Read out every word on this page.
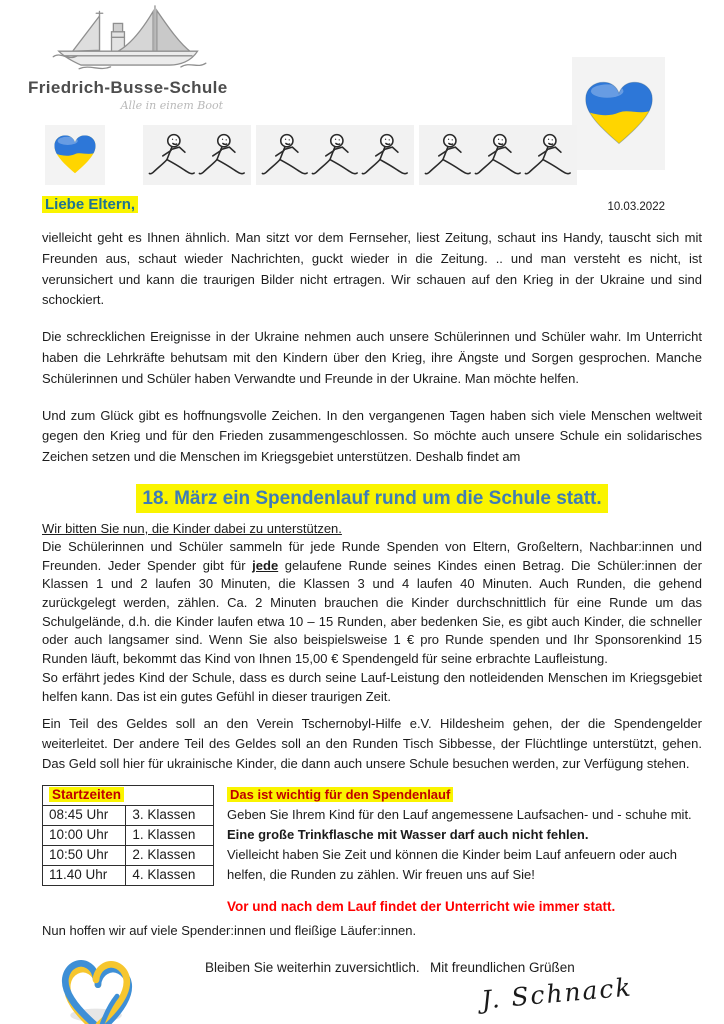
Friedrich-Busse-Schule
Alle in einem Boot
Liebe Eltern,	10.03.2022

vielleicht geht es Ihnen ähnlich. Man sitzt vor dem Fernseher, liest Zeitung, schaut ins Handy, tauscht sich mit Freunden aus, schaut wieder Nachrichten, guckt wieder in die Zeitung. .. und man versteht es nicht, ist verunsichert und kann die traurigen Bilder nicht ertragen. Wir schauen auf den Krieg in der Ukraine und sind schockiert.

Die schrecklichen Ereignisse in der Ukraine nehmen auch unsere Schülerinnen und Schüler wahr. Im Unterricht haben die Lehrkräfte behutsam mit den Kindern über den Krieg, ihre Ängste und Sorgen gesprochen. Manche Schülerinnen und Schüler haben Verwandte und Freunde in der Ukraine. Man möchte helfen.

Und zum Glück gibt es hoffnungsvolle Zeichen. In den vergangenen Tagen haben sich viele Menschen weltweit gegen den Krieg und für den Frieden zusammengeschlossen. So möchte auch unsere Schule ein solidarisches Zeichen setzen und die Menschen im Kriegsgebiet unterstützen. Deshalb findet am

18. März ein Spendenlauf rund um die Schule statt.

Wir bitten Sie nun, die Kinder dabei zu unterstützen.

Die Schülerinnen und Schüler sammeln für jede Runde Spenden von Eltern, Großeltern, Nachbar:innen und Freunden. Jeder Spender gibt für jede gelaufene Runde seines Kindes einen Betrag. Die Schüler:innen der Klassen 1 und 2 laufen 30 Minuten, die Klassen 3 und 4 laufen 40 Minuten. Auch Runden, die gehend zurückgelegt werden, zählen. Ca. 2 Minuten brauchen die Kinder durchschnittlich für eine Runde um das Schulgelände, d.h. die Kinder laufen etwa 10 – 15 Runden, aber bedenken Sie, es gibt auch Kinder, die schneller oder auch langsamer sind. Wenn Sie also beispielsweise 1 € pro Runde spenden und Ihr Sponsorenkind 15 Runden läuft, bekommt das Kind von Ihnen 15,00 € Spendengeld für seine erbrachte Laufleistung.
So erfährt jedes Kind der Schule, dass es durch seine Lauf-Leistung den notleidenden Menschen im Kriegsgebiet helfen kann. Das ist ein gutes Gefühl in dieser traurigen Zeit.

Ein Teil des Geldes soll an den Verein Tschernobyl-Hilfe e.V. Hildesheim gehen, der die Spendengelder weiterleitet. Der andere Teil des Geldes soll an den Runden Tisch Sibbesse, der Flüchtlinge unterstützt, gehen. Das Geld soll hier für ukrainische Kinder, die dann auch unsere Schule besuchen werden, zur Verfügung stehen.

Startzeiten	
08:45 Uhr	3. Klassen
10:00 Uhr	1. Klassen
10:50 Uhr	2. Klassen
11.40 Uhr	4. Klassen
Das ist wichtig für den Spendenlauf
Geben Sie Ihrem Kind für den Lauf angemessene Laufsachen- und - schuhe mit.
Eine große Trinkflasche mit Wasser darf auch nicht fehlen.
Vielleicht haben Sie Zeit und können die Kinder beim Lauf anfeuern oder auch helfen, die Runden zu zählen. Wir freuen uns auf Sie!
Vor und nach dem Lauf findet der Unterricht wie immer statt.

Nun hoffen wir auf viele Spender:innen und fleißige Läufer:innen.

Bleiben Sie weiterhin zuversichtlich. Mit freundlichen Grüßen
J. Schnack
